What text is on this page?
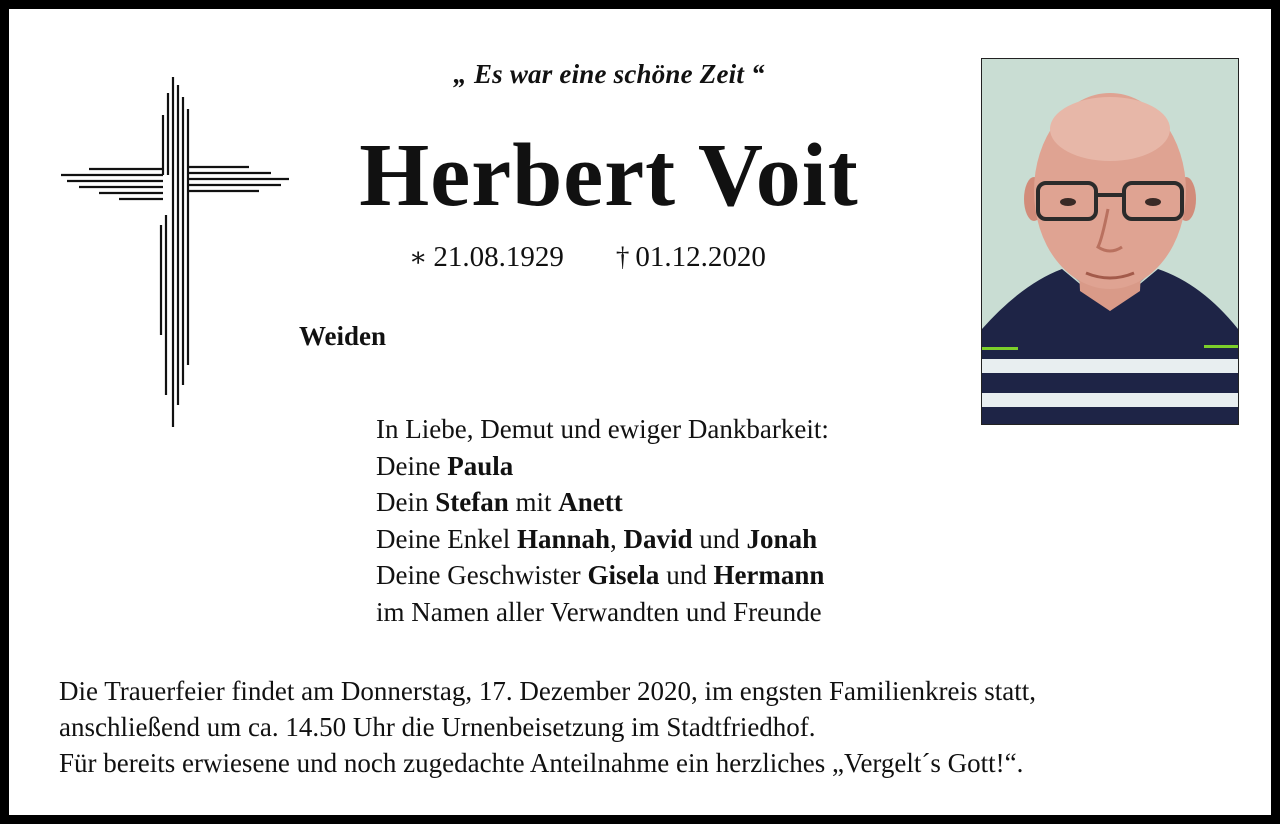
„ Es war eine schöne Zeit “
Herbert Voit
∗ 21.08.1929 † 01.12.2020
Weiden
In Liebe, Demut und ewiger Dankbarkeit:
Deine Paula
Dein Stefan mit Anett
Deine Enkel Hannah, David und Jonah
Deine Geschwister Gisela und Hermann
im Namen aller Verwandten und Freunde
Die Trauerfeier findet am Donnerstag, 17. Dezember 2020, im engsten Familienkreis statt,
anschließend um ca. 14.50 Uhr die Urnenbeisetzung im Stadtfriedhof.
Für bereits erwiesene und noch zugedachte Anteilnahme ein herzliches „Vergelt´s Gott!“.
